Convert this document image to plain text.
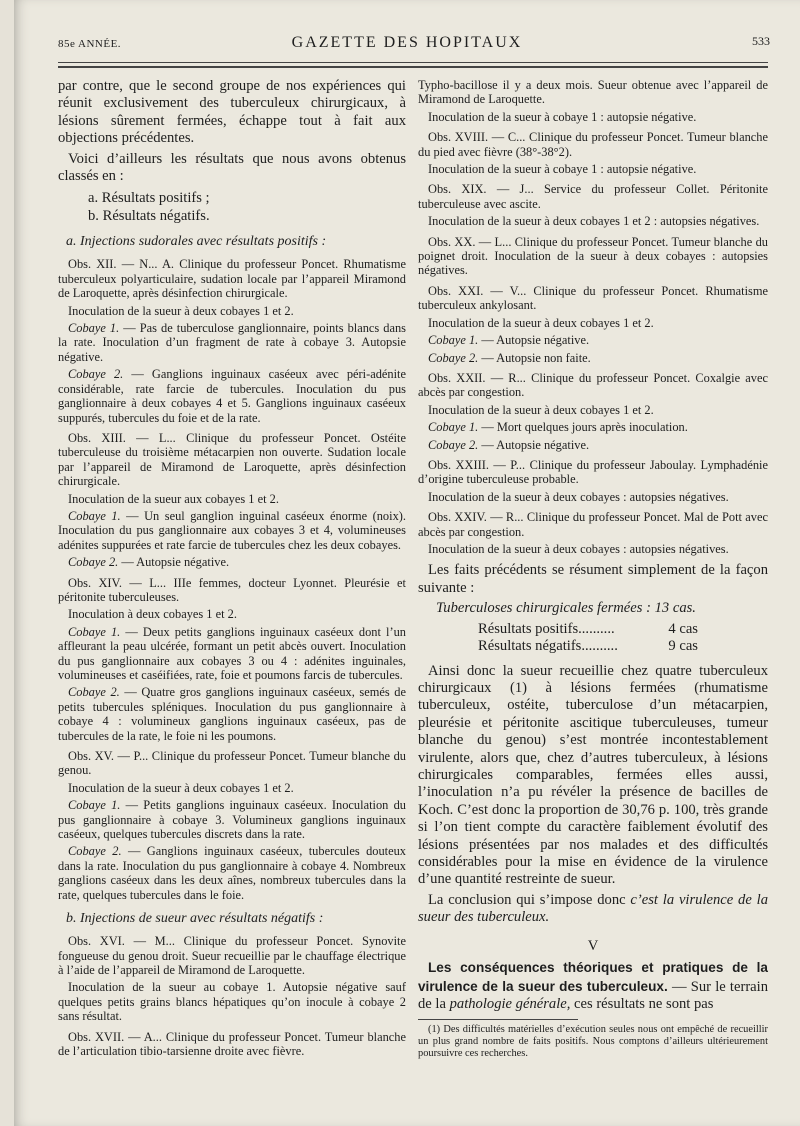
85e ANNÉE.	GAZETTE DES HOPITAUX	533

par contre, que le second groupe de nos expériences qui réunit exclusivement des tuberculeux chirurgicaux, à lésions sûrement fermées, échappe tout à fait aux objections précédentes.

Voici d’ailleurs les résultats que nous avons obtenus classés en :

a. Résultats positifs ;
b. Résultats négatifs.
a. Injections sudorales avec résultats positifs :

Obs. XII. — N... A. Clinique du professeur Poncet. Rhumatisme tuberculeux polyarticulaire, sudation locale par l’appareil Miramond de Laroquette, après désinfection chirurgicale.

Inoculation de la sueur à deux cobayes 1 et 2.

Cobaye 1. — Pas de tuberculose ganglionnaire, points blancs dans la rate. Inoculation d’un fragment de rate à cobaye 3. Autopsie négative.

Cobaye 2. — Ganglions inguinaux caséeux avec péri-adénite considérable, rate farcie de tubercules. Inoculation du pus ganglionnaire à deux cobayes 4 et 5. Ganglions inguinaux caséeux suppurés, tubercules du foie et de la rate.

Obs. XIII. — L... Clinique du professeur Poncet. Ostéite tuberculeuse du troisième métacarpien non ouverte. Sudation locale par l’appareil de Miramond de Laroquette, après désinfection chirurgicale.

Inoculation de la sueur aux cobayes 1 et 2.

Cobaye 1. — Un seul ganglion inguinal caséeux énorme (noix). Inoculation du pus ganglionnaire aux cobayes 3 et 4, volumineuses adénites suppurées et rate farcie de tubercules chez les deux cobayes.

Cobaye 2. — Autopsie négative.

Obs. XIV. — L... IIIe femmes, docteur Lyonnet. Pleurésie et péritonite tuberculeuses.

Inoculation à deux cobayes 1 et 2.

Cobaye 1. — Deux petits ganglions inguinaux caséeux dont l’un affleurant la peau ulcérée, formant un petit abcès ouvert. Inoculation du pus ganglionnaire aux cobayes 3 ou 4 : adénites inguinales, volumineuses et caséifiées, rate, foie et poumons farcis de tubercules.

Cobaye 2. — Quatre gros ganglions inguinaux caséeux, semés de petits tubercules spléniques. Inoculation du pus ganglionnaire à cobaye 4 : volumineux ganglions inguinaux caséeux, pas de tubercules de la rate, le foie ni les poumons.

Obs. XV. — P... Clinique du professeur Poncet. Tumeur blanche du genou.

Inoculation de la sueur à deux cobayes 1 et 2.

Cobaye 1. — Petits ganglions inguinaux caséeux. Inoculation du pus ganglionnaire à cobaye 3. Volumineux ganglions inguinaux caséeux, quelques tubercules discrets dans la rate.

Cobaye 2. — Ganglions inguinaux caséeux, tubercules douteux dans la rate. Inoculation du pus ganglionnaire à cobaye 4. Nombreux ganglions caséeux dans les deux aînes, nombreux tubercules dans la rate, quelques tubercules dans le foie.

b. Injections de sueur avec résultats négatifs :

Obs. XVI. — M... Clinique du professeur Poncet. Synovite fongueuse du genou droit. Sueur recueillie par le chauffage électrique à l’aide de l’appareil de Miramond de Laroquette.

Inoculation de la sueur au cobaye 1. Autopsie négative sauf quelques petits grains blancs hépatiques qu’on inocule à cobaye 2 sans résultat.

Obs. XVII. — A... Clinique du professeur Poncet. Tumeur blanche de l’articulation tibio-tarsienne droite avec fièvre.

Typho-bacillose il y a deux mois. Sueur obtenue avec l’appareil de Miramond de Laroquette.

Inoculation de la sueur à cobaye 1 : autopsie négative.

Obs. XVIII. — C... Clinique du professeur Poncet. Tumeur blanche du pied avec fièvre (38°-38°2).

Inoculation de la sueur à cobaye 1 : autopsie négative.

Obs. XIX. — J... Service du professeur Collet. Péritonite tuberculeuse avec ascite.

Inoculation de la sueur à deux cobayes 1 et 2 : autopsies négatives.

Obs. XX. — L... Clinique du professeur Poncet. Tumeur blanche du poignet droit. Inoculation de la sueur à deux cobayes : autopsies négatives.

Obs. XXI. — V... Clinique du professeur Poncet. Rhumatisme tuberculeux ankylosant.

Inoculation de la sueur à deux cobayes 1 et 2.

Cobaye 1. — Autopsie négative.

Cobaye 2. — Autopsie non faite.

Obs. XXII. — R... Clinique du professeur Poncet. Coxalgie avec abcès par congestion.

Inoculation de la sueur à deux cobayes 1 et 2.

Cobaye 1. — Mort quelques jours après inoculation.

Cobaye 2. — Autopsie négative.

Obs. XXIII. — P... Clinique du professeur Jaboulay. Lymphadénie d’origine tuberculeuse probable.

Inoculation de la sueur à deux cobayes : autopsies négatives.

Obs. XXIV. — R... Clinique du professeur Poncet. Mal de Pott avec abcès par congestion.

Inoculation de la sueur à deux cobayes : autopsies négatives.

Les faits précédents se résument simplement de la façon suivante :

Tuberculoses chirurgicales fermées : 13 cas.

Résultats positifs..........	4 cas
Résultats négatifs..........	9 cas

Ainsi donc la sueur recueillie chez quatre tuberculeux chirurgicaux (1) à lésions fermées (rhumatisme tuberculeux, ostéite, tuberculose d’un métacarpien, pleurésie et péritonite ascitique tuberculeuses, tumeur blanche du genou) s’est montrée incontestablement virulente, alors que, chez d’autres tuberculeux, à lésions chirurgicales comparables, fermées elles aussi, l’inoculation n’a pu révéler la présence de bacilles de Koch. C’est donc la proportion de 30,76 p. 100, très grande si l’on tient compte du caractère faiblement évolutif des lésions présentées par nos malades et des difficultés considérables pour la mise en évidence de la virulence d’une quantité restreinte de sueur.

La conclusion qui s’impose donc c’est la virulence de la sueur des tuberculeux.

V

Les conséquences théoriques et pratiques de la virulence de la sueur des tuberculeux. — Sur le terrain de la pathologie générale, ces résultats ne sont pas

(1) Des difficultés matérielles d’exécution seules nous ont empêché de recueillir un plus grand nombre de faits positifs. Nous comptons d’ailleurs ultérieurement poursuivre ces recherches.
